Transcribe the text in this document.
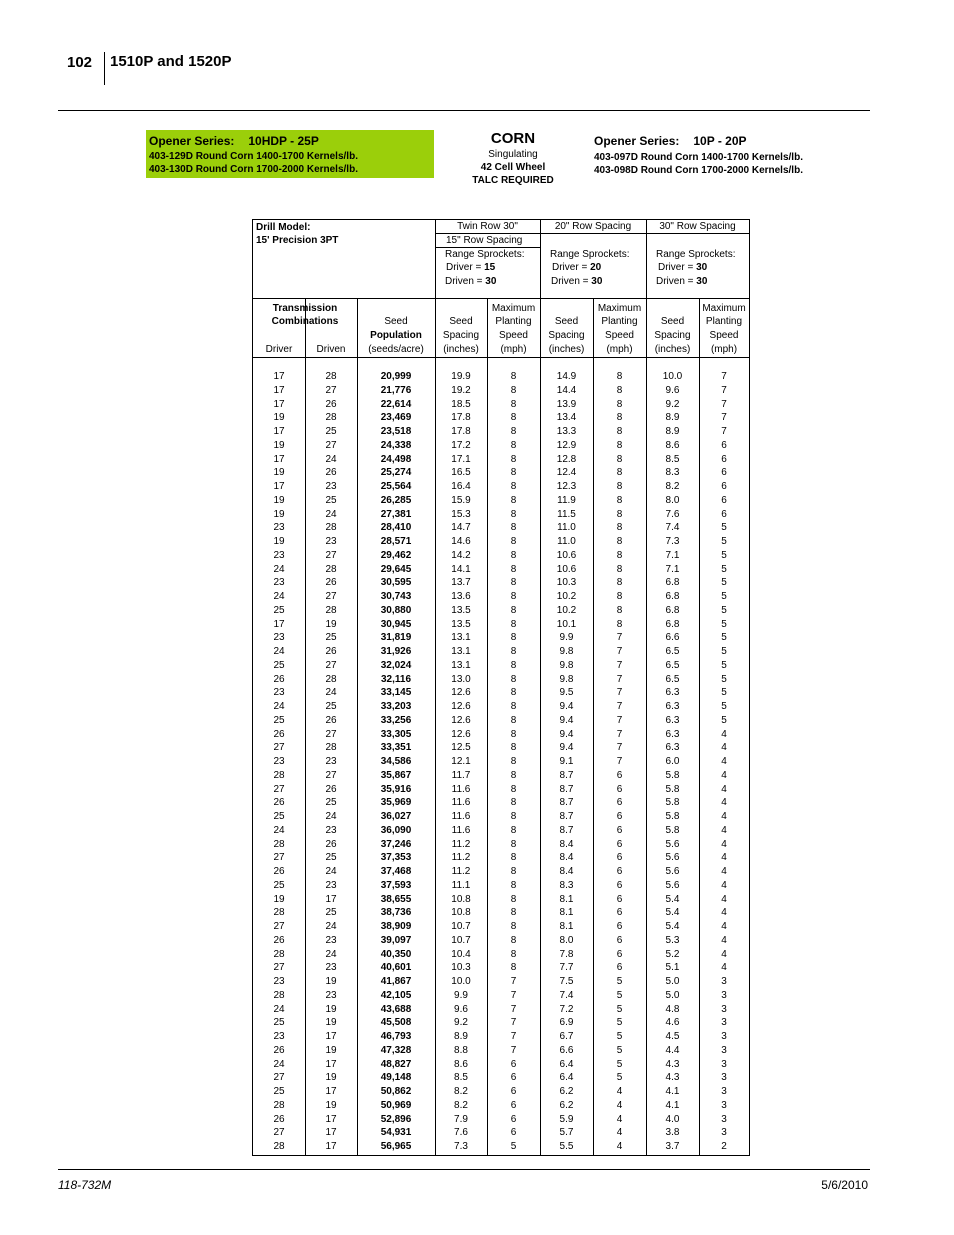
102 1510P and 1520P
Opener Series: 10HDP - 25P
403-129D Round Corn 1400-1700 Kernels/lb.
403-130D Round Corn 1700-2000 Kernels/lb.
CORN
Singulating
42 Cell Wheel
TALC REQUIRED
Opener Series: 10P - 20P
403-097D Round Corn 1400-1700 Kernels/lb.
403-098D Round Corn 1700-2000 Kernels/lb.
Drill Model:
15' Precision 3PT
Twin Row 30"
15" Row Spacing
Range Sprockets:
Driver = 15
Driven = 30
20" Row Spacing
Range Sprockets:
Driver = 20
Driven = 30
30" Row Spacing
Range Sprockets:
Driver = 30
Driven = 30
Transmission
Combinations
Driver	Driven
Seed
Population
(seeds/acre)
Seed
Spacing
(inches)
Maximum
Planting
Speed
(mph)
Seed
Spacing
(inches)
Maximum
Planting
Speed
(mph)
Seed
Spacing
(inches)
Maximum
Planting
Speed
(mph)
17	28	20,999	19.9	8	14.9	8	10.0	7
17	27	21,776	19.2	8	14.4	8	9.6	7
17	26	22,614	18.5	8	13.9	8	9.2	7
19	28	23,469	17.8	8	13.4	8	8.9	7
17	25	23,518	17.8	8	13.3	8	8.9	7
19	27	24,338	17.2	8	12.9	8	8.6	6
17	24	24,498	17.1	8	12.8	8	8.5	6
19	26	25,274	16.5	8	12.4	8	8.3	6
17	23	25,564	16.4	8	12.3	8	8.2	6
19	25	26,285	15.9	8	11.9	8	8.0	6
19	24	27,381	15.3	8	11.5	8	7.6	6
23	28	28,410	14.7	8	11.0	8	7.4	5
19	23	28,571	14.6	8	11.0	8	7.3	5
23	27	29,462	14.2	8	10.6	8	7.1	5
24	28	29,645	14.1	8	10.6	8	7.1	5
23	26	30,595	13.7	8	10.3	8	6.8	5
24	27	30,743	13.6	8	10.2	8	6.8	5
25	28	30,880	13.5	8	10.2	8	6.8	5
17	19	30,945	13.5	8	10.1	8	6.8	5
23	25	31,819	13.1	8	9.9	7	6.6	5
24	26	31,926	13.1	8	9.8	7	6.5	5
25	27	32,024	13.1	8	9.8	7	6.5	5
26	28	32,116	13.0	8	9.8	7	6.5	5
23	24	33,145	12.6	8	9.5	7	6.3	5
24	25	33,203	12.6	8	9.4	7	6.3	5
25	26	33,256	12.6	8	9.4	7	6.3	5
26	27	33,305	12.6	8	9.4	7	6.3	4
27	28	33,351	12.5	8	9.4	7	6.3	4
23	23	34,586	12.1	8	9.1	7	6.0	4
28	27	35,867	11.7	8	8.7	6	5.8	4
27	26	35,916	11.6	8	8.7	6	5.8	4
26	25	35,969	11.6	8	8.7	6	5.8	4
25	24	36,027	11.6	8	8.7	6	5.8	4
24	23	36,090	11.6	8	8.7	6	5.8	4
28	26	37,246	11.2	8	8.4	6	5.6	4
27	25	37,353	11.2	8	8.4	6	5.6	4
26	24	37,468	11.2	8	8.4	6	5.6	4
25	23	37,593	11.1	8	8.3	6	5.6	4
19	17	38,655	10.8	8	8.1	6	5.4	4
28	25	38,736	10.8	8	8.1	6	5.4	4
27	24	38,909	10.7	8	8.1	6	5.4	4
26	23	39,097	10.7	8	8.0	6	5.3	4
28	24	40,350	10.4	8	7.8	6	5.2	4
27	23	40,601	10.3	8	7.7	6	5.1	4
23	19	41,867	10.0	7	7.5	5	5.0	3
28	23	42,105	9.9	7	7.4	5	5.0	3
24	19	43,688	9.6	7	7.2	5	4.8	3
25	19	45,508	9.2	7	6.9	5	4.6	3
23	17	46,793	8.9	7	6.7	5	4.5	3
26	19	47,328	8.8	7	6.6	5	4.4	3
24	17	48,827	8.6	6	6.4	5	4.3	3
27	19	49,148	8.5	6	6.4	5	4.3	3
25	17	50,862	8.2	6	6.2	4	4.1	3
28	19	50,969	8.2	6	6.2	4	4.1	3
26	17	52,896	7.9	6	5.9	4	4.0	3
27	17	54,931	7.6	6	5.7	4	3.8	3
28	17	56,965	7.3	5	5.5	4	3.7	2
118-732M	5/6/2010
